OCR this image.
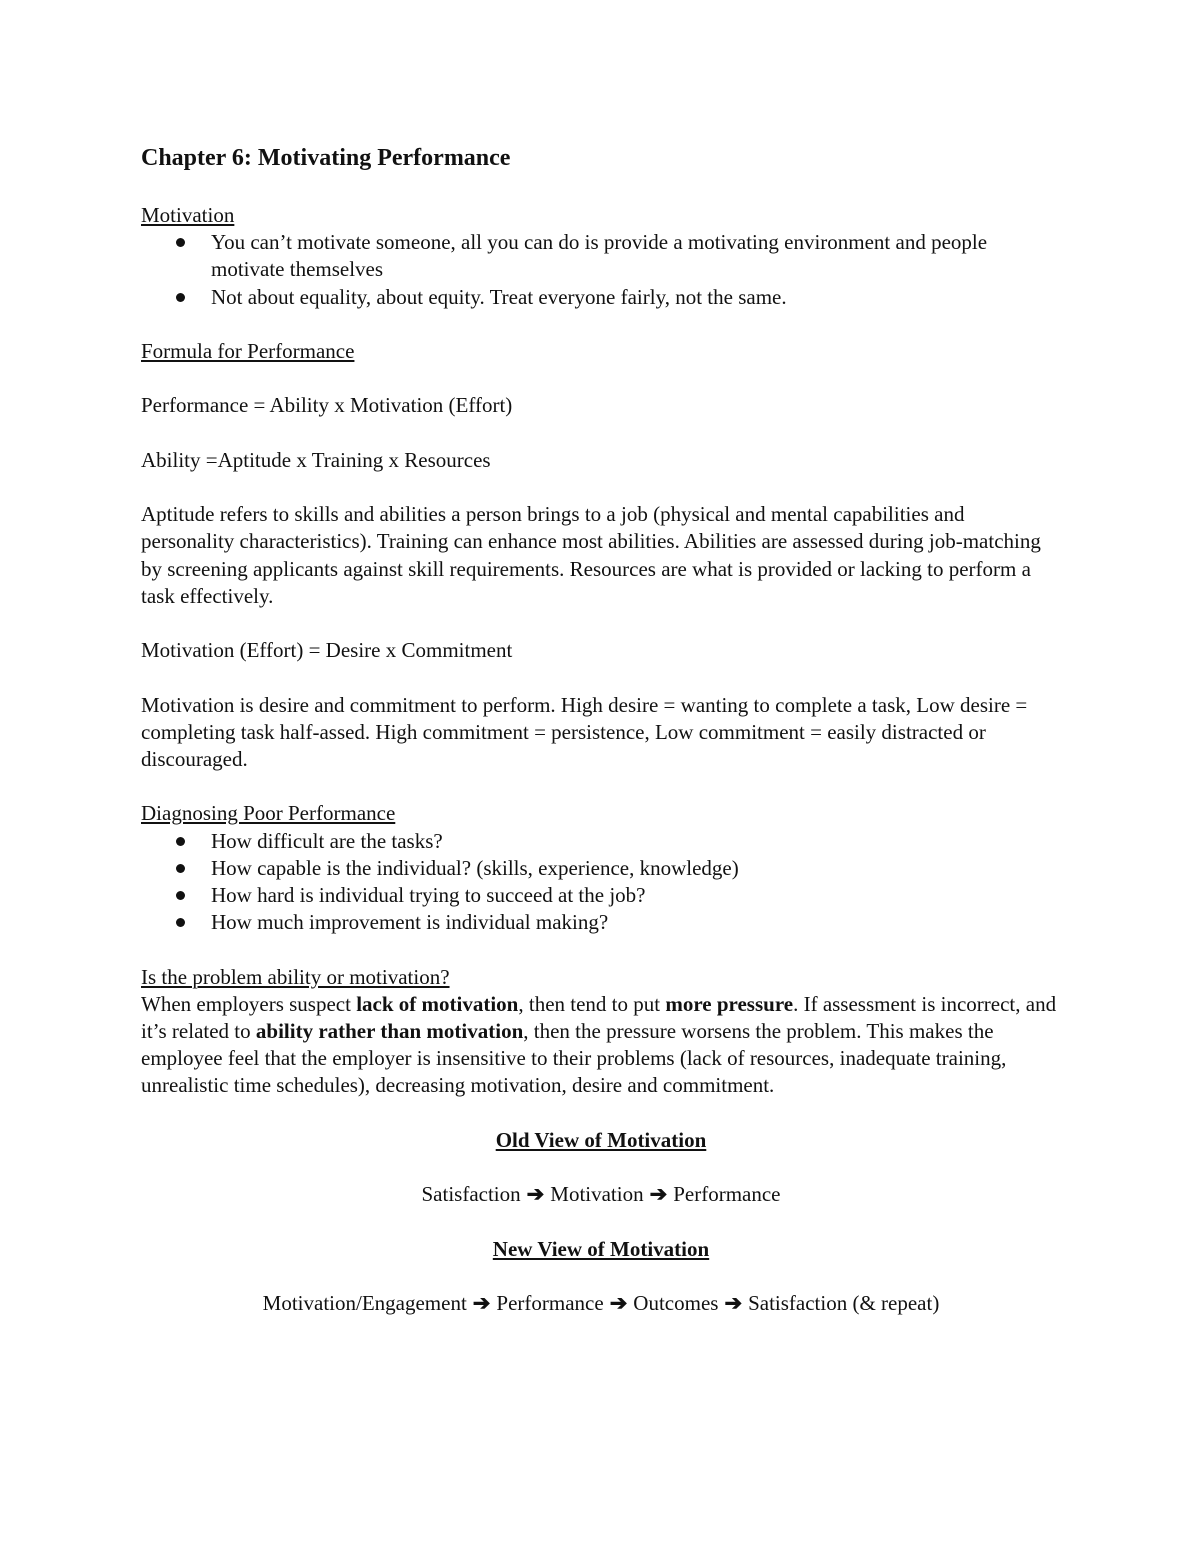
Chapter 6: Motivating Performance

Motivation

You can’t motivate someone, all you can do is provide a motivating environment and people motivate themselves
Not about equality, about equity. Treat everyone fairly, not the same.

Formula for Performance

Performance = Ability x Motivation (Effort)

Ability =Aptitude x Training x Resources

Aptitude refers to skills and abilities a person brings to a job (physical and mental capabilities and personality characteristics). Training can enhance most abilities. Abilities are assessed during job-matching by screening applicants against skill requirements. Resources are what is provided or lacking to perform a task effectively.

Motivation (Effort) = Desire x Commitment

Motivation is desire and commitment to perform. High desire = wanting to complete a task, Low desire = completing task half-assed. High commitment = persistence, Low commitment = easily distracted or discouraged.

Diagnosing Poor Performance

How difficult are the tasks?
How capable is the individual? (skills, experience, knowledge)
How hard is individual trying to succeed at the job?
How much improvement is individual making?

Is the problem ability or motivation?

When employers suspect lack of motivation, then tend to put more pressure. If assessment is incorrect, and it’s related to ability rather than motivation, then the pressure worsens the problem. This makes the employee feel that the employer is insensitive to their problems (lack of resources, inadequate training, unrealistic time schedules), decreasing motivation, desire and commitment.

Old View of Motivation

Satisfaction ➔ Motivation ➔ Performance

New View of Motivation

Motivation/Engagement ➔ Performance ➔ Outcomes ➔ Satisfaction (& repeat)
